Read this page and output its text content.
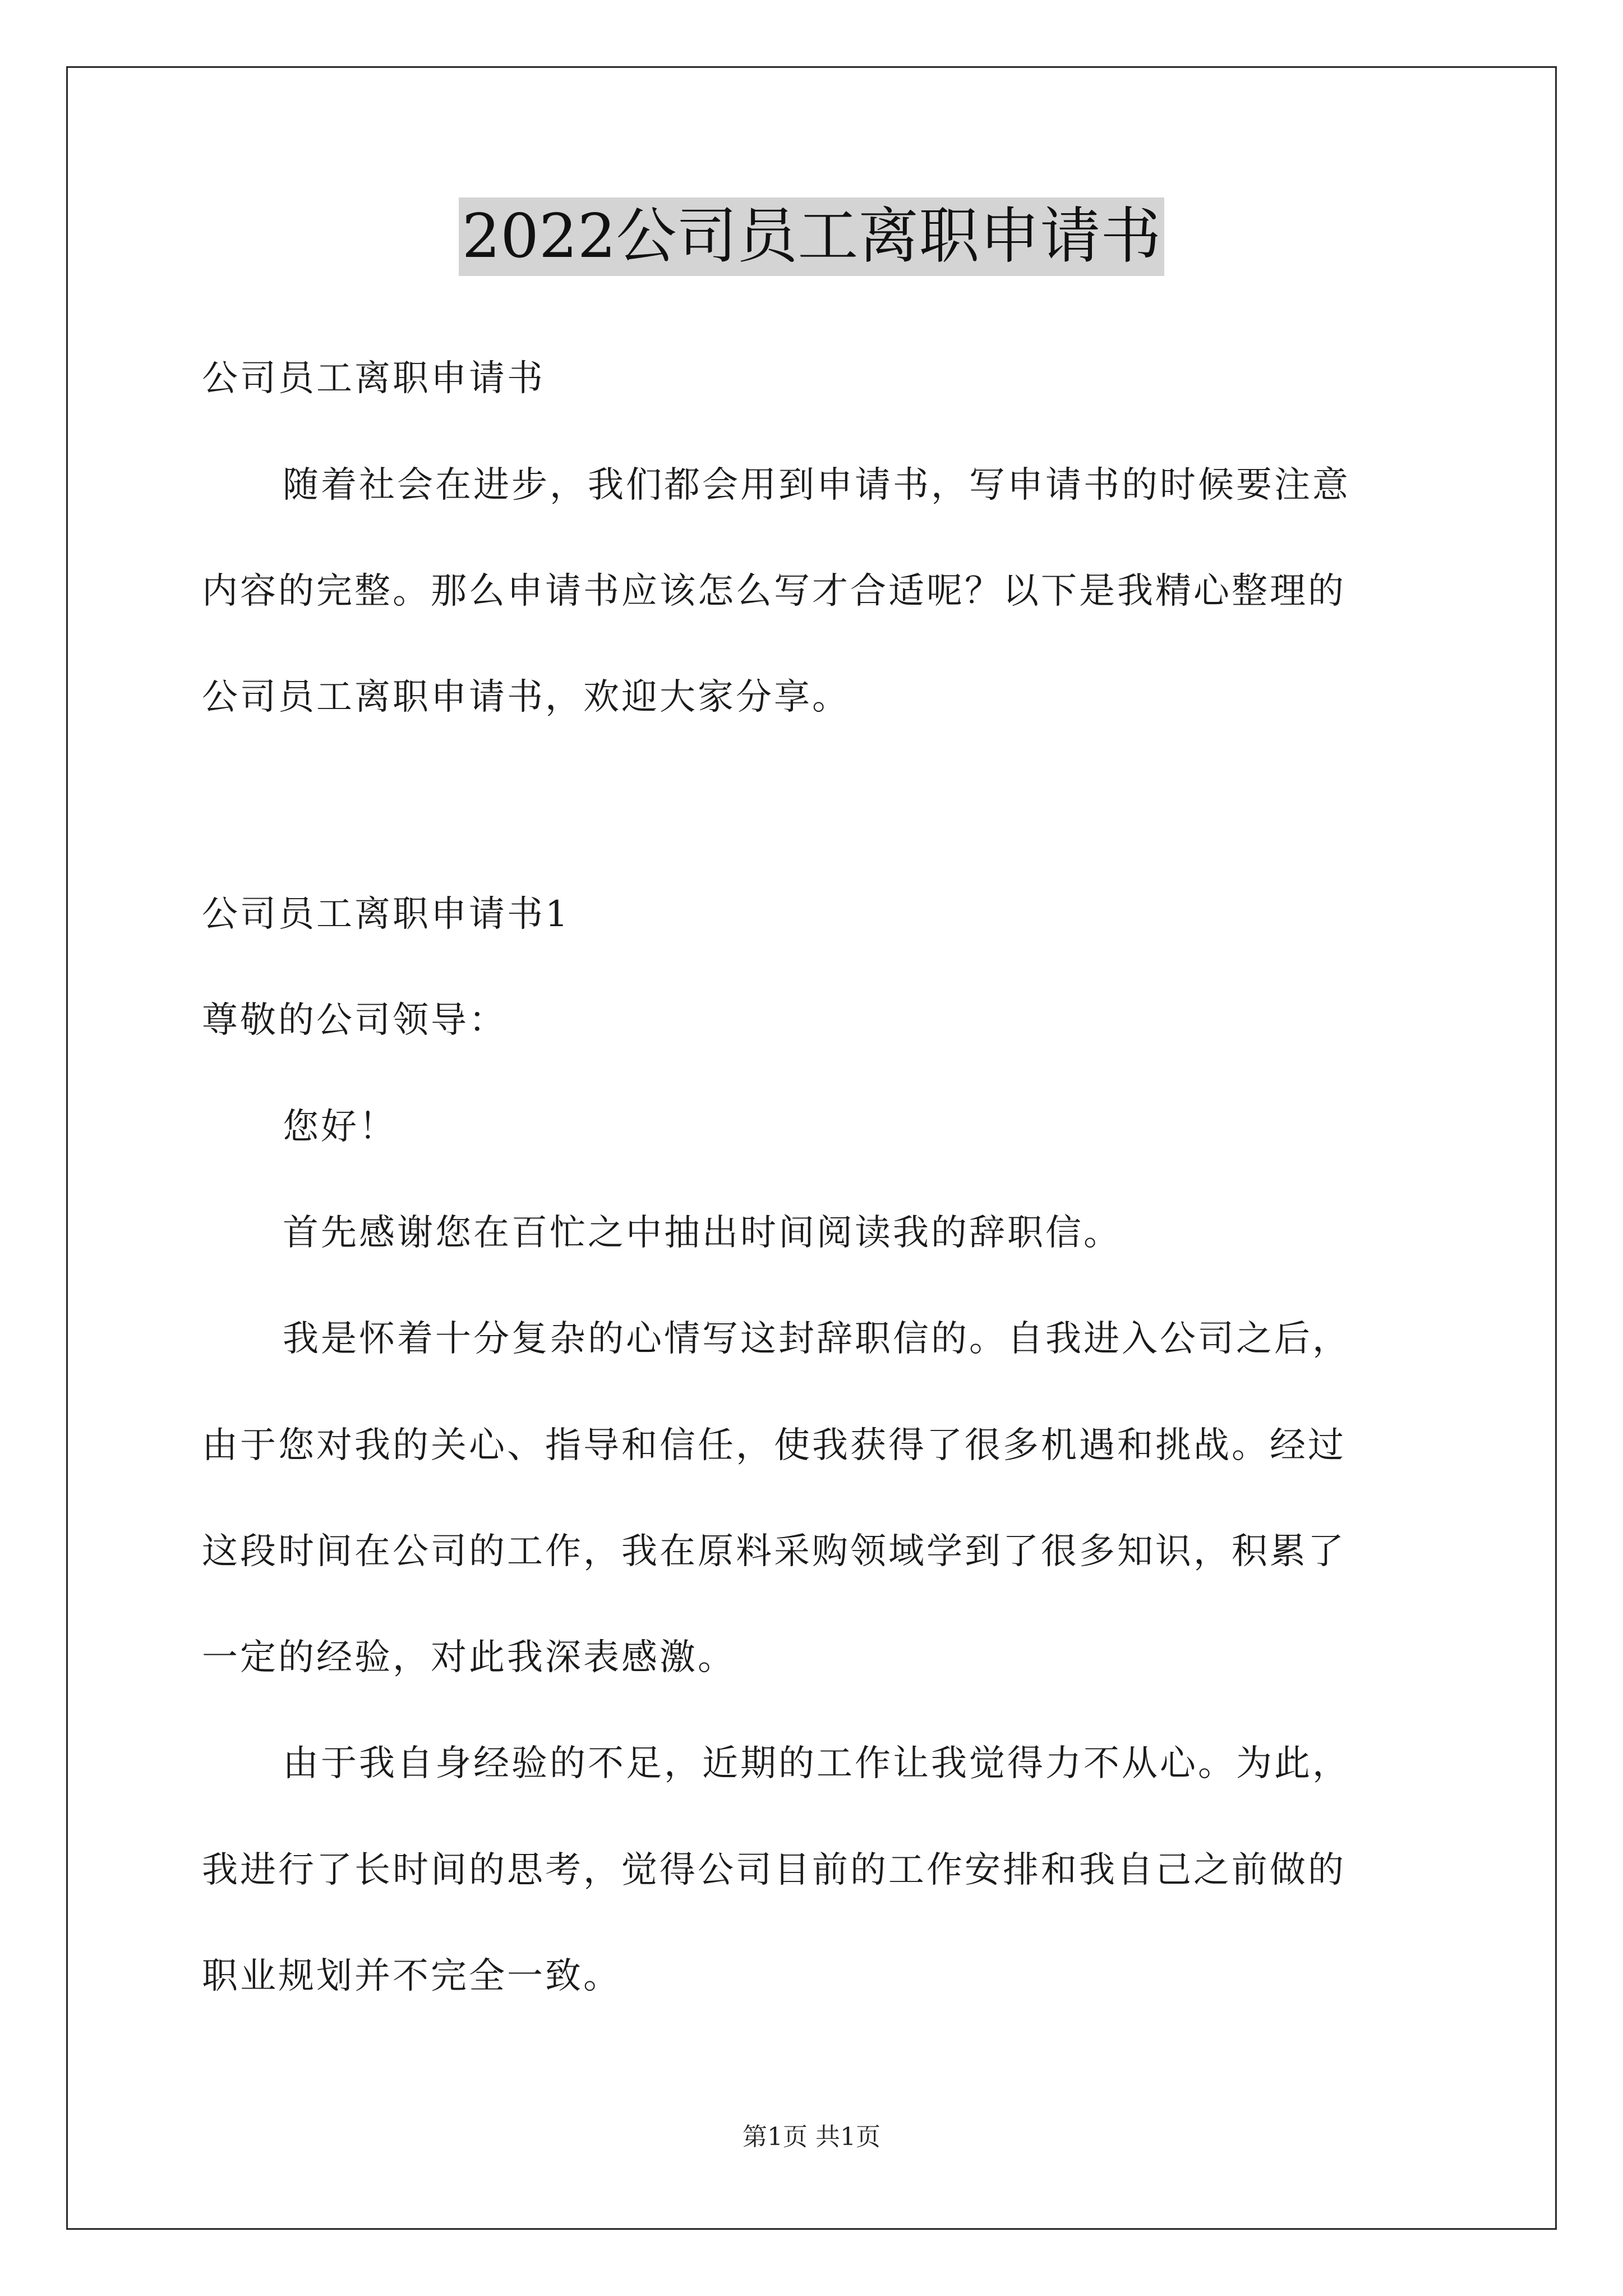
2022公司员工离职申请书
公司员工离职申请书
随着社会在进步，我们都会用到申请书，写申请书的时候要注意
内容的完整。那么申请书应该怎么写才合适呢？以下是我精心整理的
公司员工离职申请书，欢迎大家分享。
公司员工离职申请书1
尊敬的公司领导：
您好！
首先感谢您在百忙之中抽出时间阅读我的辞职信。
我是怀着十分复杂的心情写这封辞职信的。自我进入公司之后，
由于您对我的关心、指导和信任，使我获得了很多机遇和挑战。经过
这段时间在公司的工作，我在原料采购领域学到了很多知识，积累了
一定的经验，对此我深表感激。
由于我自身经验的不足，近期的工作让我觉得力不从心。为此，
我进行了长时间的思考，觉得公司目前的工作安排和我自己之前做的
职业规划并不完全一致。
第1页 共1页
